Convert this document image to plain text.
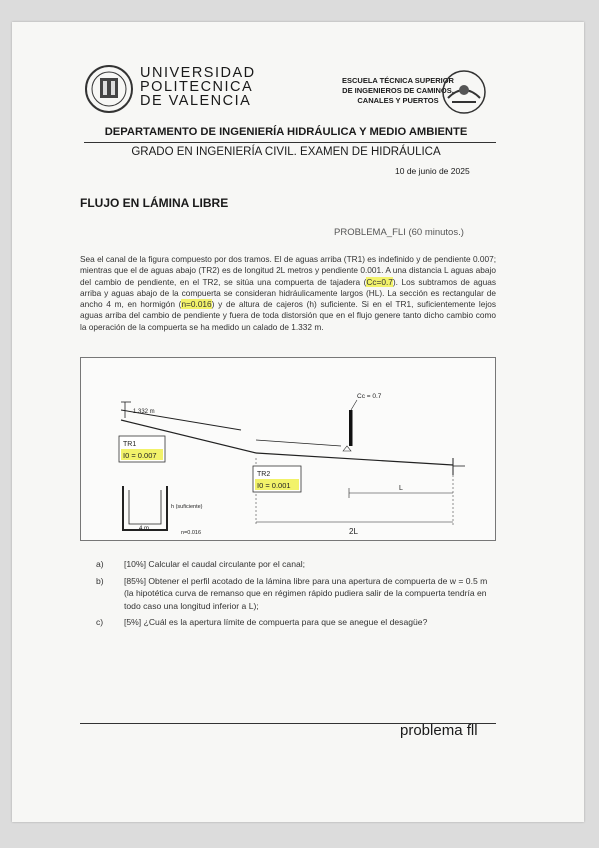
UNIVERSIDAD
POLITECNICA
DE VALENCIA
ESCUELA TÉCNICA SUPERIOR
DE INGENIEROS DE CAMINOS,
CANALES Y PUERTOS
DEPARTAMENTO DE INGENIERÍA HIDRÁULICA Y MEDIO AMBIENTE
GRADO EN INGENIERÍA CIVIL. EXAMEN DE HIDRÁULICA
10 de junio de 2025
FLUJO EN LÁMINA LIBRE
PROBLEMA_FLI (60 minutos.)
Sea el canal de la figura compuesto por dos tramos. El de aguas arriba (TR1) es indefinido y de pendiente 0.007; mientras que el de aguas abajo (TR2) es de longitud 2L metros y pendiente 0.001. A una distancia L aguas abajo del cambio de pendiente, en el TR2, se sitúa una compuerta de tajadera (Cc=0.7). Los subtramos de aguas arriba y aguas abajo de la compuerta se consideran hidráulicamente largos (HL). La sección es rectangular de ancho 4 m, en hormigón (n=0.016) y de altura de cajeros (h) suficiente. Si en el TR1, suficientemente lejos aguas arriba del cambio de pendiente y fuera de toda distorsión que en el flujo genere tanto dicho cambio como la operación de la compuerta se ha medido un calado de 1.332 m.
1.332 m
Cc = 0.7
TR1
I0 = 0.007
TR2
I0 = 0.001	L
2L
4 m
h (suficiente)
n=0.016
a) [10%] Calcular el caudal circulante por el canal;
b) [85%] Obtener el perfil acotado de la lámina libre para una apertura de compuerta de w = 0.5 m (la hipotética curva de remanso que en régimen rápido pudiera salir de la compuerta tendría en todo caso una longitud inferior a L);
c) [5%] ¿Cuál es la apertura límite de compuerta para que se anegue el desagüe?
problema fll
